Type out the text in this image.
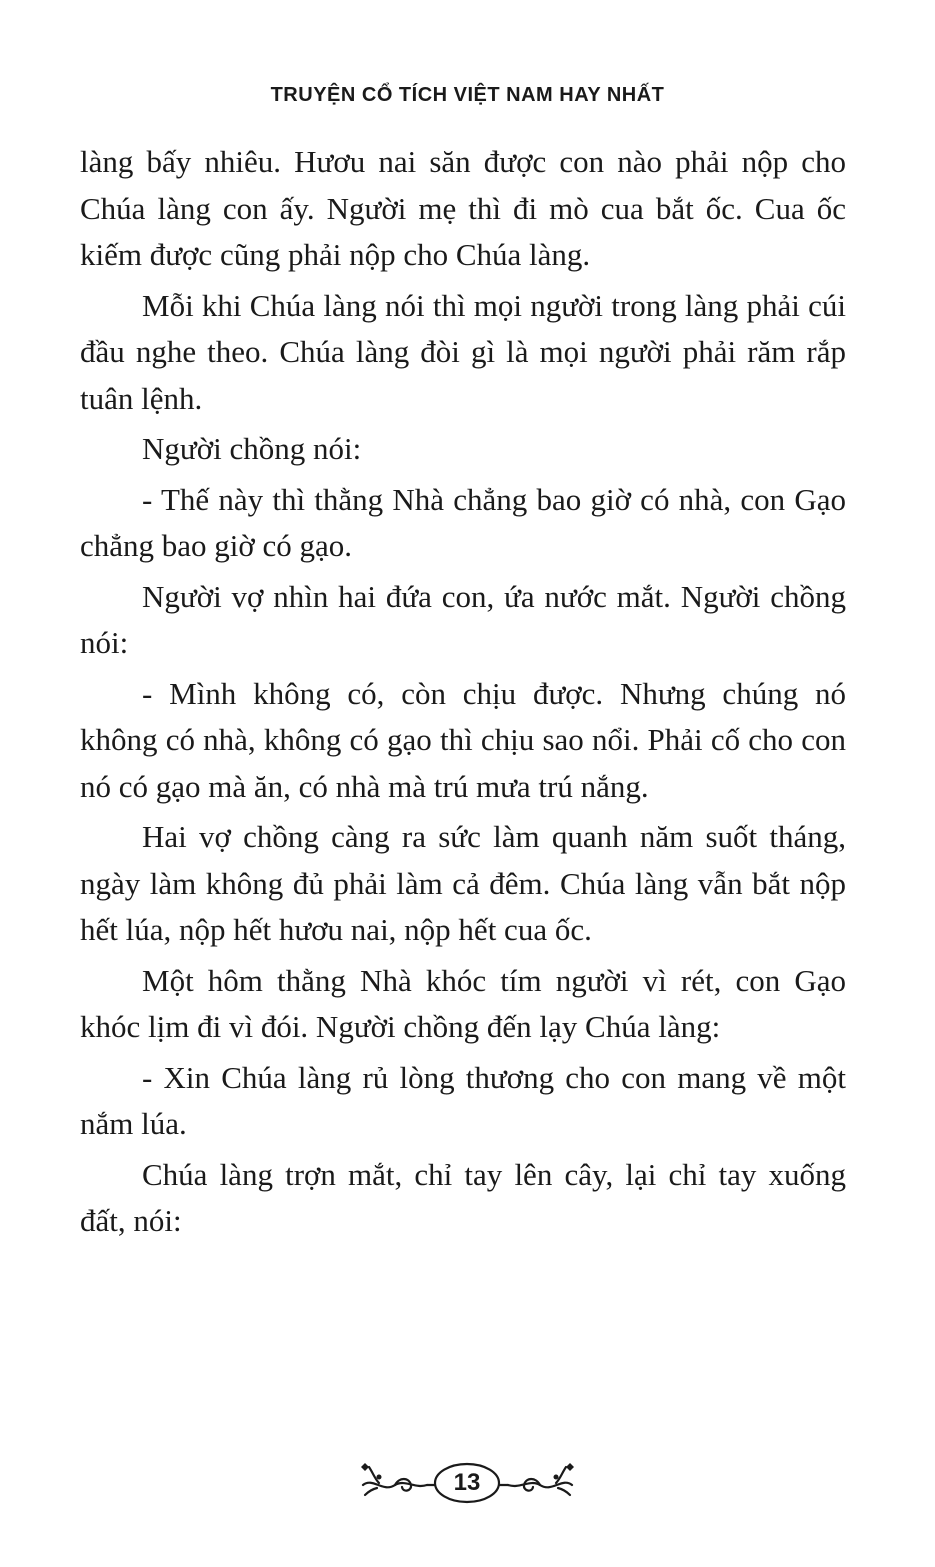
TRUYỆN CỔ TÍCH VIỆT NAM HAY NHẤT

làng bấy nhiêu. Hươu nai săn được con nào phải nộp cho Chúa làng con ấy. Người mẹ thì đi mò cua bắt ốc. Cua ốc kiếm được cũng phải nộp cho Chúa làng.

Mỗi khi Chúa làng nói thì mọi người trong làng phải cúi đầu nghe theo. Chúa làng đòi gì là mọi người phải răm rắp tuân lệnh.

Người chồng nói:

- Thế này thì thằng Nhà chẳng bao giờ có nhà, con Gạo chẳng bao giờ có gạo.

Người vợ nhìn hai đứa con, ứa nước mắt. Người chồng nói:

- Mình không có, còn chịu được. Nhưng chúng nó không có nhà, không có gạo thì chịu sao nổi. Phải cố cho con nó có gạo mà ăn, có nhà mà trú mưa trú nắng.

Hai vợ chồng càng ra sức làm quanh năm suốt tháng, ngày làm không đủ phải làm cả đêm. Chúa làng vẫn bắt nộp hết lúa, nộp hết hươu nai, nộp hết cua ốc.

Một hôm thằng Nhà khóc tím người vì rét, con Gạo khóc lịm đi vì đói. Người chồng đến lạy Chúa làng:

- Xin Chúa làng rủ lòng thương cho con mang về một nắm lúa.

Chúa làng trợn mắt, chỉ tay lên cây, lại chỉ tay xuống đất, nói:

13
